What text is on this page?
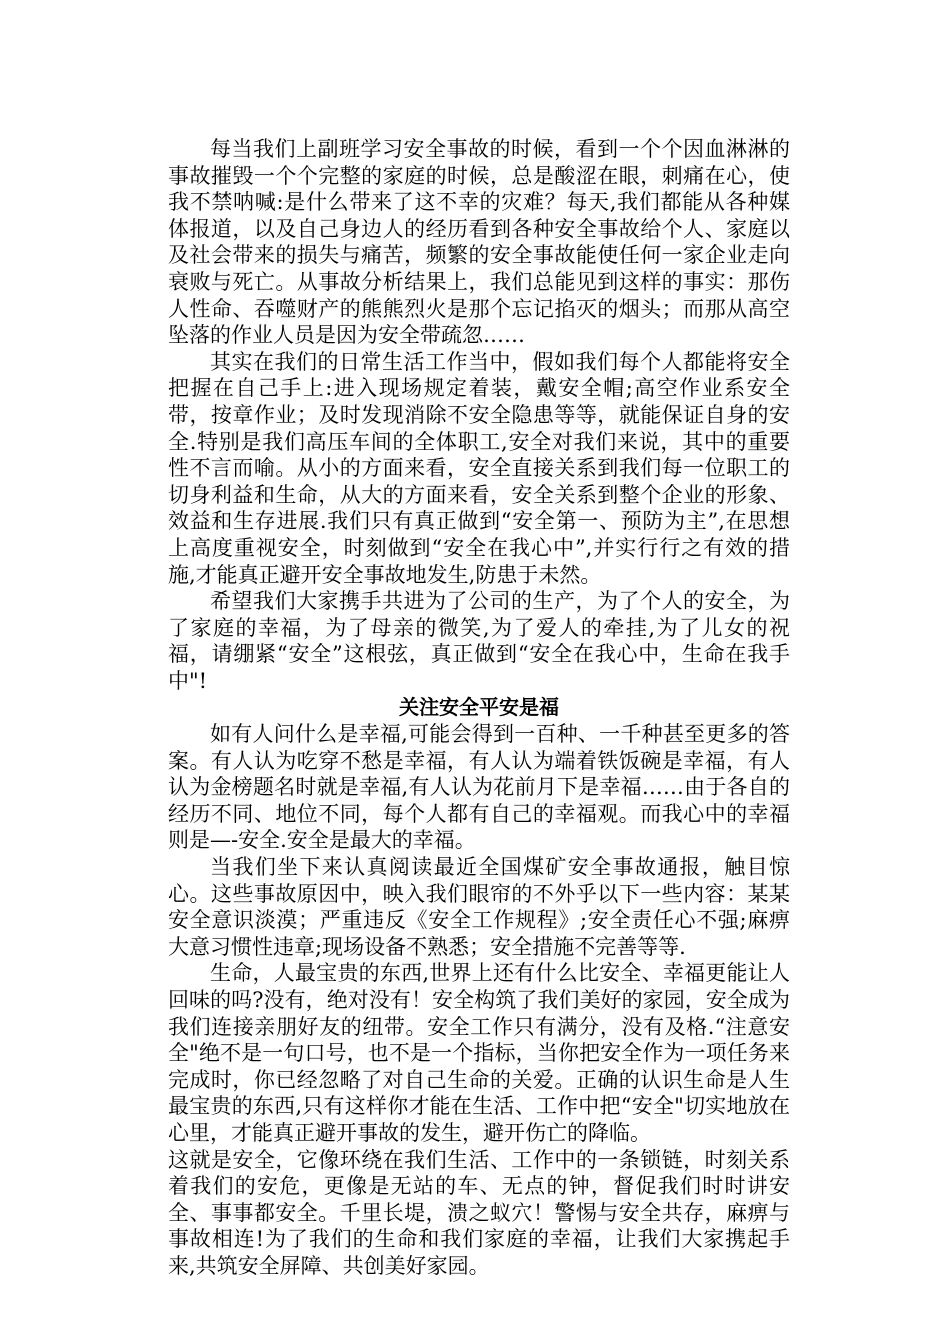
每当我们上副班学习安全事故的时候，看到一个个因血淋淋的事故摧毁一个个完整的家庭的时候，总是酸涩在眼，刺痛在心，使我不禁呐喊:是什么带来了这不幸的灾难？每天,我们都能从各种媒体报道，以及自己身边人的经历看到各种安全事故给个人、家庭以及社会带来的损失与痛苦，频繁的安全事故能使任何一家企业走向衰败与死亡。从事故分析结果上，我们总能见到这样的事实：那伤人性命、吞噬财产的熊熊烈火是那个忘记掐灭的烟头；而那从高空坠落的作业人员是因为安全带疏忽……

其实在我们的日常生活工作当中，假如我们每个人都能将安全把握在自己手上:进入现场规定着装，戴安全帽;高空作业系安全带，按章作业；及时发现消除不安全隐患等等，就能保证自身的安全.特别是我们高压车间的全体职工,安全对我们来说，其中的重要性不言而喻。从小的方面来看，安全直接关系到我们每一位职工的切身利益和生命，从大的方面来看，安全关系到整个企业的形象、效益和生存进展.我们只有真正做到“安全第一、预防为主”,在思想上高度重视安全，时刻做到“安全在我心中”,并实行行之有效的措施,才能真正避开安全事故地发生,防患于未然。

希望我们大家携手共进为了公司的生产，为了个人的安全，为了家庭的幸福，为了母亲的微笑,为了爱人的牵挂,为了儿女的祝福，请绷紧“安全”这根弦，真正做到“安全在我心中，生命在我手中"!

关注安全平安是福

如有人问什么是幸福,可能会得到一百种、一千种甚至更多的答案。有人认为吃穿不愁是幸福，有人认为端着铁饭碗是幸福，有人认为金榜题名时就是幸福,有人认为花前月下是幸福……由于各自的经历不同、地位不同，每个人都有自己的幸福观。而我心中的幸福则是—-安全.安全是最大的幸福。

当我们坐下来认真阅读最近全国煤矿安全事故通报，触目惊心。这些事故原因中，映入我们眼帘的不外乎以下一些内容：某某安全意识淡漠；严重违反《安全工作规程》;安全责任心不强;麻痹大意习惯性违章;现场设备不熟悉；安全措施不完善等等.

生命，人最宝贵的东西,世界上还有什么比安全、幸福更能让人回味的吗?没有，绝对没有！安全构筑了我们美好的家园，安全成为我们连接亲朋好友的纽带。安全工作只有满分，没有及格.“注意安全"绝不是一句口号，也不是一个指标，当你把安全作为一项任务来完成时，你已经忽略了对自己生命的关爱。正确的认识生命是人生最宝贵的东西,只有这样你才能在生活、工作中把“安全"切实地放在心里，才能真正避开事故的发生，避开伤亡的降临。

这就是安全，它像环绕在我们生活、工作中的一条锁链，时刻关系着我们的安危，更像是无站的车、无点的钟，督促我们时时讲安全、事事都安全。千里长堤，溃之蚁穴！警惕与安全共存，麻痹与事故相连!为了我们的生命和我们家庭的幸福，让我们大家携起手来,共筑安全屏障、共创美好家园。
